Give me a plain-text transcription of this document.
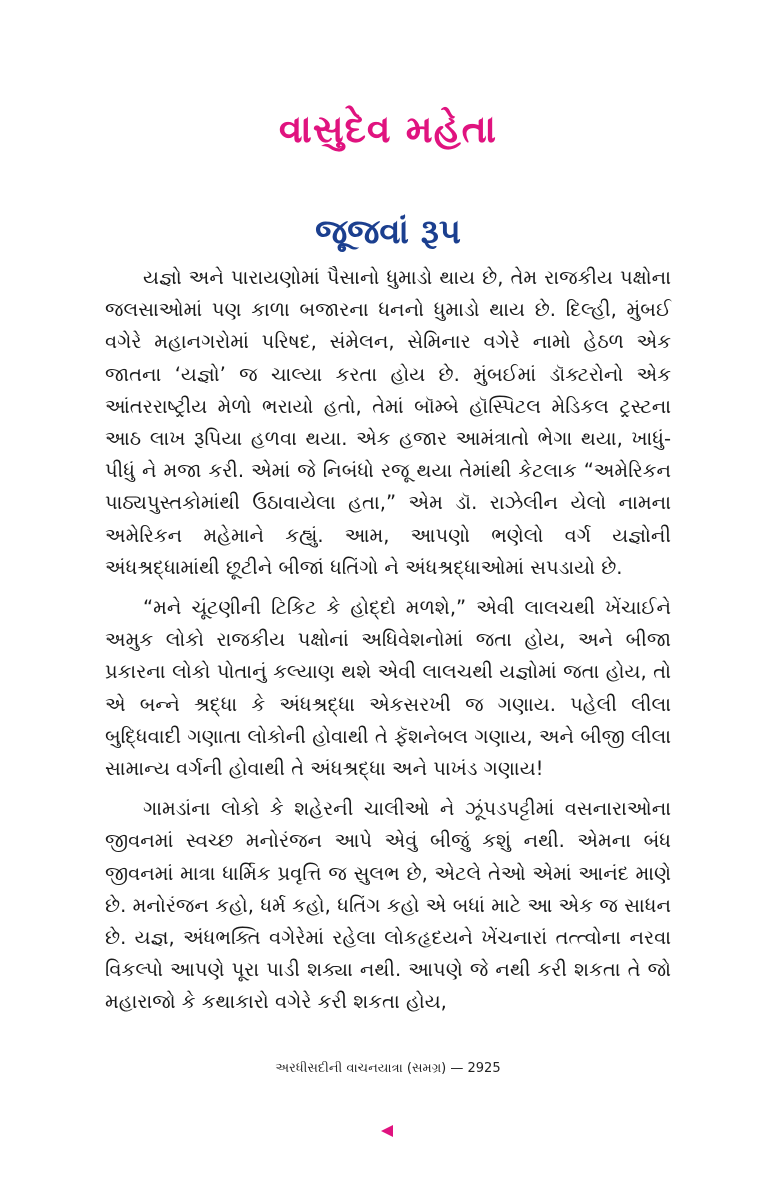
વાસુદેવ મહેતા
જૂજવાં રૂપ

યજ્ઞો અને પારાયણોમાં પૈસાનો ધુમાડો થાય છે, તેમ રાજકીય પક્ષોના જલસાઓમાં પણ કાળા બજારના ધનનો ધુમાડો થાય છે. દિલ્હી, મુંબઈ વગેરે મહાનગરોમાં પરિષદ, સંમેલન, સેમિનાર વગેરે નામો હેઠળ એક જાતના ‘યજ્ઞો’ જ ચાલ્યા કરતા હોય છે. મુંબઈમાં ડૉક્ટરોનો એક આંતરરાષ્ટ્રીય મેળો ભરાયો હતો, તેમાં બૉમ્બે હૉસ્પિટલ મેડિકલ ટ્રસ્ટના આઠ લાખ રૂપિયા હળવા થયા. એક હજાર આમંત્રાતો ભેગા થયા, ખાધું-પીધું ને મજા કરી. એમાં જે નિબંધો રજૂ થયા તેમાંથી કેટલાક “અમેરિકન પાઠ્યપુસ્તકોમાંથી ઉઠાવાયેલા હતા,” એમ ડૉ. રાઝેલીન યેલો નામના અમેરિકન મહેમાને કહ્યું. આમ, આપણો ભણેલો વર્ગ યજ્ઞોની અંધશ્રદ્ધામાંથી છૂટીને બીજાં ધતિંગો ને અંધશ્રદ્ધાઓમાં સપડાયો છે.

“મને ચૂંટણીની ટિકિટ કે હોદ્દો મળશે,” એવી લાલચથી ખેંચાઈને અમુક લોકો રાજકીય પક્ષોનાં અધિવેશનોમાં જતા હોય, અને બીજા પ્રકારના લોકો પોતાનું કલ્યાણ થશે એવી લાલચથી યજ્ઞોમાં જતા હોય, તો એ બન્ને શ્રદ્ધા કે અંધશ્રદ્ધા એકસરખી જ ગણાય. પહેલી લીલા બુદ્ધિવાદી ગણાતા લોકોની હોવાથી તે ફૅશનેબલ ગણાય, અને બીજી લીલા સામાન્ય વર્ગની હોવાથી તે અંધશ્રદ્ધા અને પાખંડ ગણાય!

ગામડાંના લોકો કે શહેરની ચાલીઓ ને ઝૂંપડપટ્ટીમાં વસનારાઓના જીવનમાં સ્વચ્છ મનોરંજન આપે એવું બીજું કશું નથી. એમના બંધ જીવનમાં માત્રા ધાર્મિક પ્રવૃત્તિ જ સુલભ છે, એટલે તેઓ એમાં આનંદ માણે છે. મનોરંજન કહો, ધર્મ કહો, ધતિંગ કહો એ બધાં માટે આ એક જ સાધન છે. યજ્ઞ, અંધભક્તિ વગેરેમાં રહેલા લોકહૃદયને ખેંચનારાં તત્ત્વોના નરવા વિકલ્પો આપણે પૂરા પાડી શક્યા નથી. આપણે જે નથી કરી શકતા તે જો મહારાજો કે કથાકારો વગેરે કરી શકતા હોય,

અરધીસદીની વાચનયાત્રા (સમગ્ર) — 2925
